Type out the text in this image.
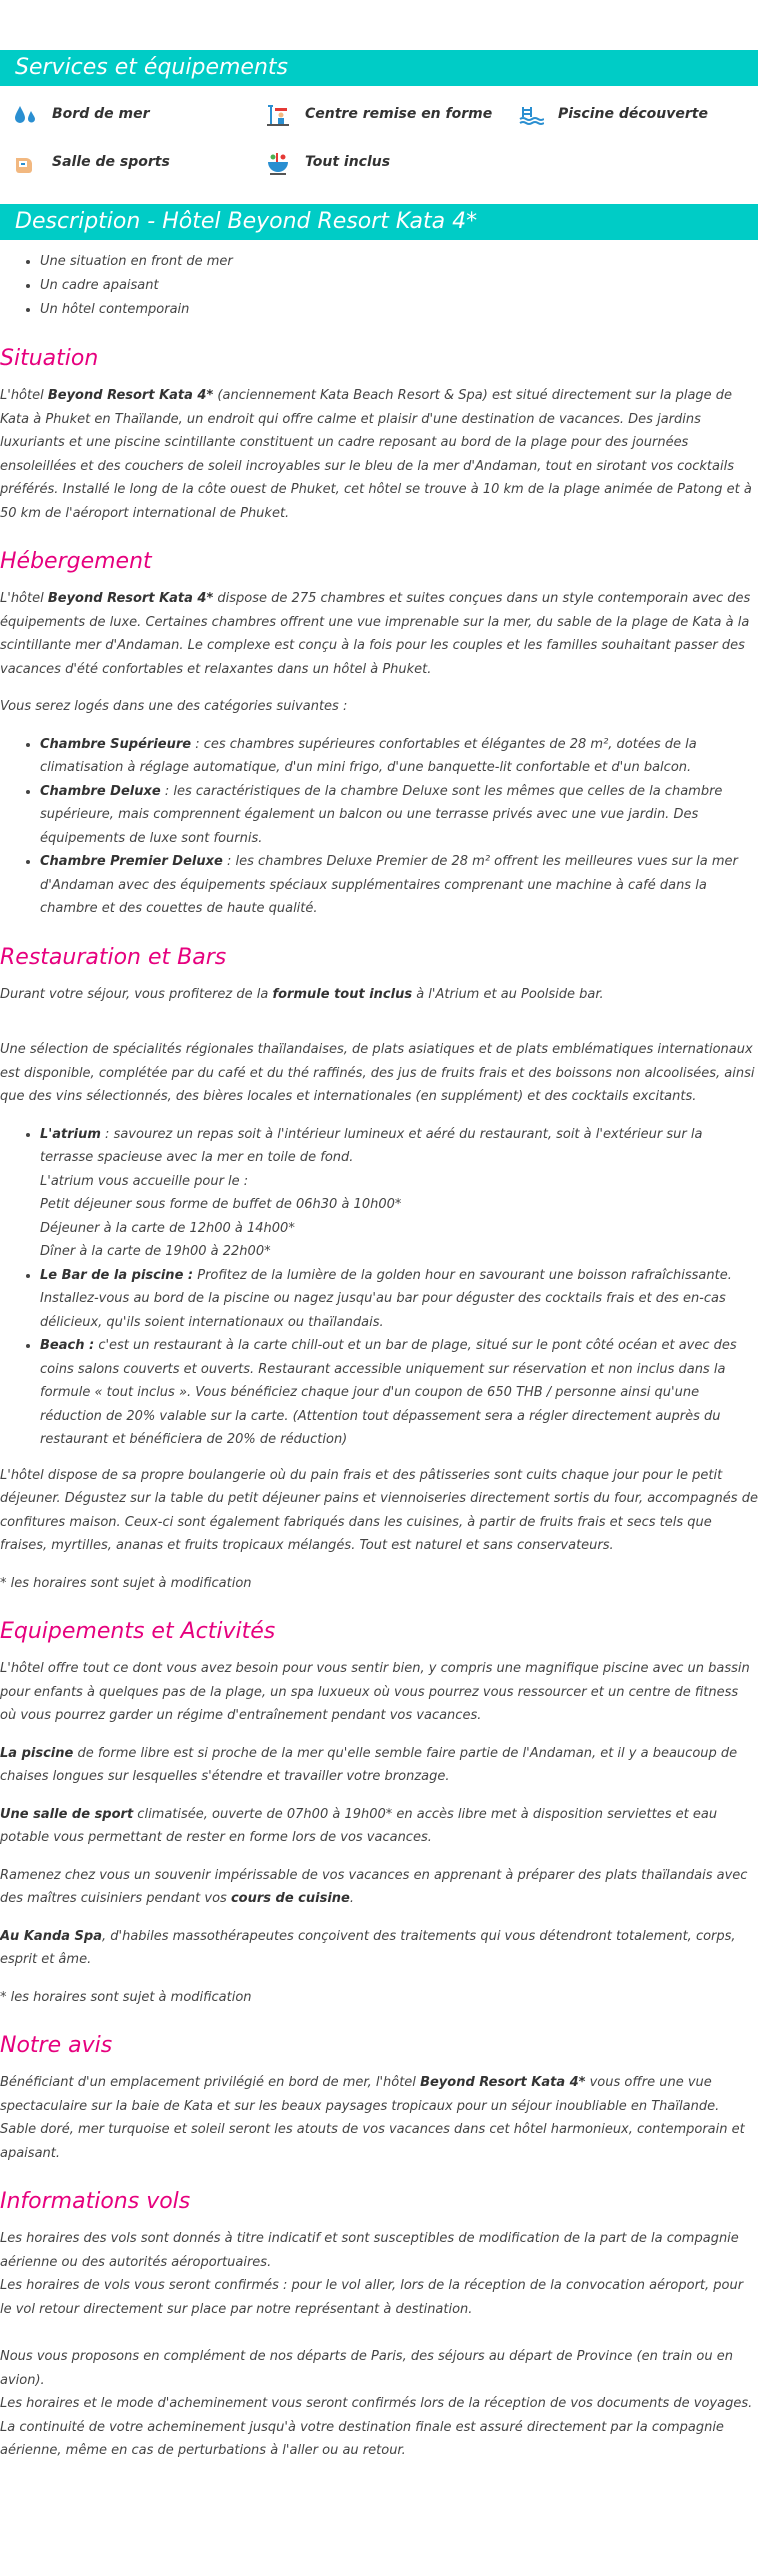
Services et équipements
Bord de mer	Centre remise en forme	Piscine découverte
Salle de sports	Tout inclus
Description - Hôtel Beyond Resort Kata 4*
• Une situation en front de mer
• Un cadre apaisant
• Un hôtel contemporain
Situation

L'hôtel Beyond Resort Kata 4* (anciennement Kata Beach Resort & Spa) est situé directement sur la plage de Kata à Phuket en Thaïlande, un endroit qui offre calme et plaisir d'une destination de vacances. Des jardins luxuriants et une piscine scintillante constituent un cadre reposant au bord de la plage pour des journées ensoleillées et des couchers de soleil incroyables sur le bleu de la mer d'Andaman, tout en sirotant vos cocktails préférés. Installé le long de la côte ouest de Phuket, cet hôtel se trouve à 10 km de la plage animée de Patong et à 50 km de l'aéroport international de Phuket.

Hébergement

L'hôtel Beyond Resort Kata 4* dispose de 275 chambres et suites conçues dans un style contemporain avec des équipements de luxe. Certaines chambres offrent une vue imprenable sur la mer, du sable de la plage de Kata à la scintillante mer d'Andaman. Le complexe est conçu à la fois pour les couples et les familles souhaitant passer des vacances d'été confortables et relaxantes dans un hôtel à Phuket.

Vous serez logés dans une des catégories suivantes :

• Chambre Supérieure : ces chambres supérieures confortables et élégantes de 28 m², dotées de la climatisation à réglage automatique, d'un mini frigo, d'une banquette-lit confortable et d'un balcon.
• Chambre Deluxe : les caractéristiques de la chambre Deluxe sont les mêmes que celles de la chambre supérieure, mais comprennent également un balcon ou une terrasse privés avec une vue jardin. Des équipements de luxe sont fournis.
• Chambre Premier Deluxe : les chambres Deluxe Premier de 28 m² offrent les meilleures vues sur la mer d'Andaman avec des équipements spéciaux supplémentaires comprenant une machine à café dans la chambre et des couettes de haute qualité.
Restauration et Bars

Durant votre séjour, vous profiterez de la formule tout inclus à l'Atrium et au Poolside bar.

Une sélection de spécialités régionales thaïlandaises, de plats asiatiques et de plats emblématiques internationaux est disponible, complétée par du café et du thé raffinés, des jus de fruits frais et des boissons non alcoolisées, ainsi que des vins sélectionnés, des bières locales et internationales (en supplément) et des cocktails excitants.

• L'atrium : savourez un repas soit à l'intérieur lumineux et aéré du restaurant, soit à l'extérieur sur la terrasse spacieuse avec la mer en toile de fond.
L'atrium vous accueille pour le :
Petit déjeuner sous forme de buffet de 06h30 à 10h00*
Déjeuner à la carte de 12h00 à 14h00*
Dîner à la carte de 19h00 à 22h00*
• Le Bar de la piscine : Profitez de la lumière de la golden hour en savourant une boisson rafraîchissante. Installez-vous au bord de la piscine ou nagez jusqu'au bar pour déguster des cocktails frais et des en-cas délicieux, qu'ils soient internationaux ou thaïlandais.
• Beach : c'est un restaurant à la carte chill-out et un bar de plage, situé sur le pont côté océan et avec des coins salons couverts et ouverts. Restaurant accessible uniquement sur réservation et non inclus dans la formule « tout inclus ». Vous bénéficiez chaque jour d'un coupon de 650 THB / personne ainsi qu'une réduction de 20% valable sur la carte. (Attention tout dépassement sera a régler directement auprès du restaurant et bénéficiera de 20% de réduction)

L'hôtel dispose de sa propre boulangerie où du pain frais et des pâtisseries sont cuits chaque jour pour le petit déjeuner. Dégustez sur la table du petit déjeuner pains et viennoiseries directement sortis du four, accompagnés de confitures maison. Ceux-ci sont également fabriqués dans les cuisines, à partir de fruits frais et secs tels que fraises, myrtilles, ananas et fruits tropicaux mélangés. Tout est naturel et sans conservateurs.

* les horaires sont sujet à modification

Equipements et Activités

L'hôtel offre tout ce dont vous avez besoin pour vous sentir bien, y compris une magnifique piscine avec un bassin pour enfants à quelques pas de la plage, un spa luxueux où vous pourrez vous ressourcer et un centre de fitness où vous pourrez garder un régime d'entraînement pendant vos vacances.

La piscine de forme libre est si proche de la mer qu'elle semble faire partie de l'Andaman, et il y a beaucoup de chaises longues sur lesquelles s'étendre et travailler votre bronzage.

Une salle de sport climatisée, ouverte de 07h00 à 19h00* en accès libre met à disposition serviettes et eau potable vous permettant de rester en forme lors de vos vacances.

Ramenez chez vous un souvenir impérissable de vos vacances en apprenant à préparer des plats thaïlandais avec des maîtres cuisiniers pendant vos cours de cuisine.

Au Kanda Spa, d'habiles massothérapeutes conçoivent des traitements qui vous détendront totalement, corps, esprit et âme.

* les horaires sont sujet à modification

Notre avis

Bénéficiant d'un emplacement privilégié en bord de mer, l'hôtel Beyond Resort Kata 4* vous offre une vue spectaculaire sur la baie de Kata et sur les beaux paysages tropicaux pour un séjour inoubliable en Thaïlande. Sable doré, mer turquoise et soleil seront les atouts de vos vacances dans cet hôtel harmonieux, contemporain et apaisant.

Informations vols

Les horaires des vols sont donnés à titre indicatif et sont susceptibles de modification de la part de la compagnie aérienne ou des autorités aéroportuaires.
Les horaires de vols vous seront confirmés : pour le vol aller, lors de la réception de la convocation aéroport, pour le vol retour directement sur place par notre représentant à destination.

Nous vous proposons en complément de nos départs de Paris, des séjours au départ de Province (en train ou en avion).
Les horaires et le mode d'acheminement vous seront confirmés lors de la réception de vos documents de voyages.
La continuité de votre acheminement jusqu'à votre destination finale est assuré directement par la compagnie aérienne, même en cas de perturbations à l'aller ou au retour.
